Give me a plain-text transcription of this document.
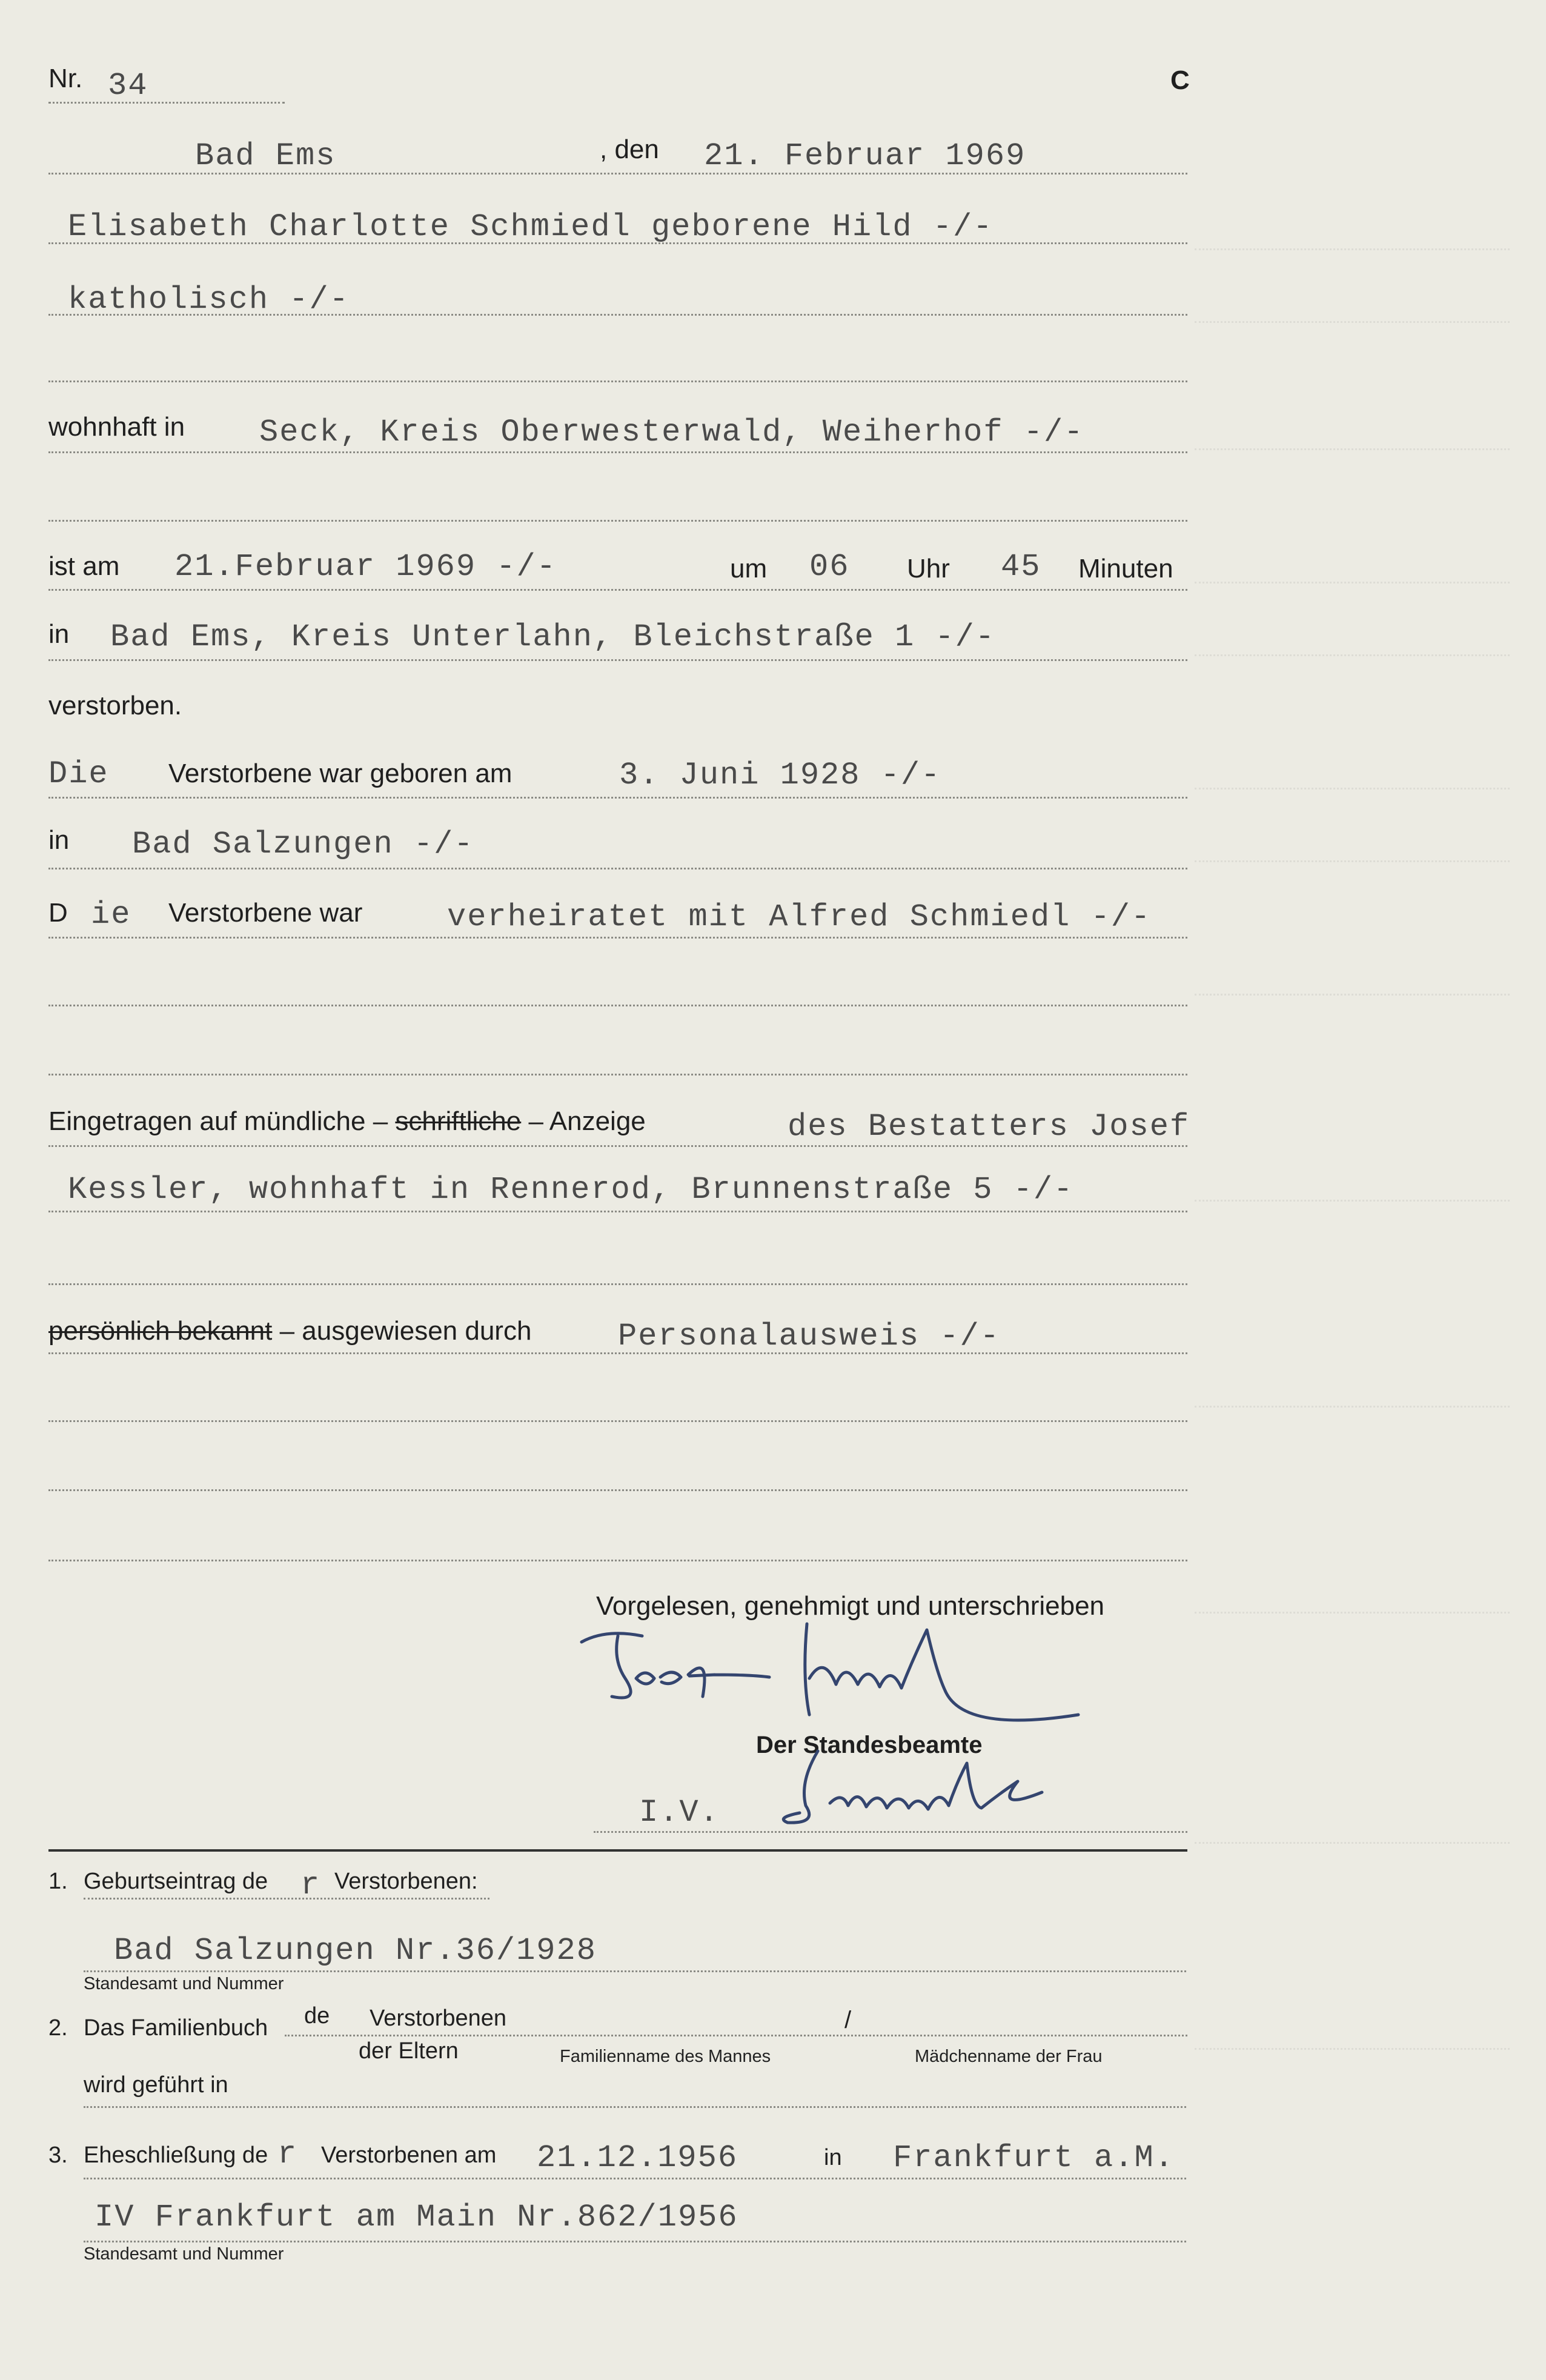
Nr. 34	C
Bad Ems	, den 21. Februar 1969
Elisabeth Charlotte Schmiedl geborene Hild -/-
katholisch -/-
wohnhaft in Seck, Kreis Oberwesterwald, Weiherhof -/-
ist am 21.Februar 1969 -/-	um 06 Uhr 45 Minuten
in Bad Ems, Kreis Unterlahn, Bleichstraße 1 -/-
verstorben.
Die Verstorbene war geboren am	3. Juni 1928 -/-
in Bad Salzungen -/-
D ie Verstorbene war	verheiratet mit Alfred Schmiedl -/-
Eingetragen auf mündliche – schriftliche – Anzeige	des Bestatters Josef
Kessler, wohnhaft in Rennerod, Brunnenstraße 5 -/-
persönlich bekannt – ausgewiesen durch	Personalausweis -/-
Vorgelesen, genehmigt und unterschrieben
Der Standesbeamte
I.V.
1. Geburtseintrag de r Verstorbenen:
Bad Salzungen Nr.36/1928
Standesamt und Nummer
2. Das Familienbuch de Verstorbenen	/
der Eltern	Familienname des Mannes	Mädchenname der Frau
wird geführt in
3. Eheschließung de r Verstorbenen am 21.12.1956	in Frankfurt a.M.
IV Frankfurt am Main Nr.862/1956
Standesamt und Nummer
